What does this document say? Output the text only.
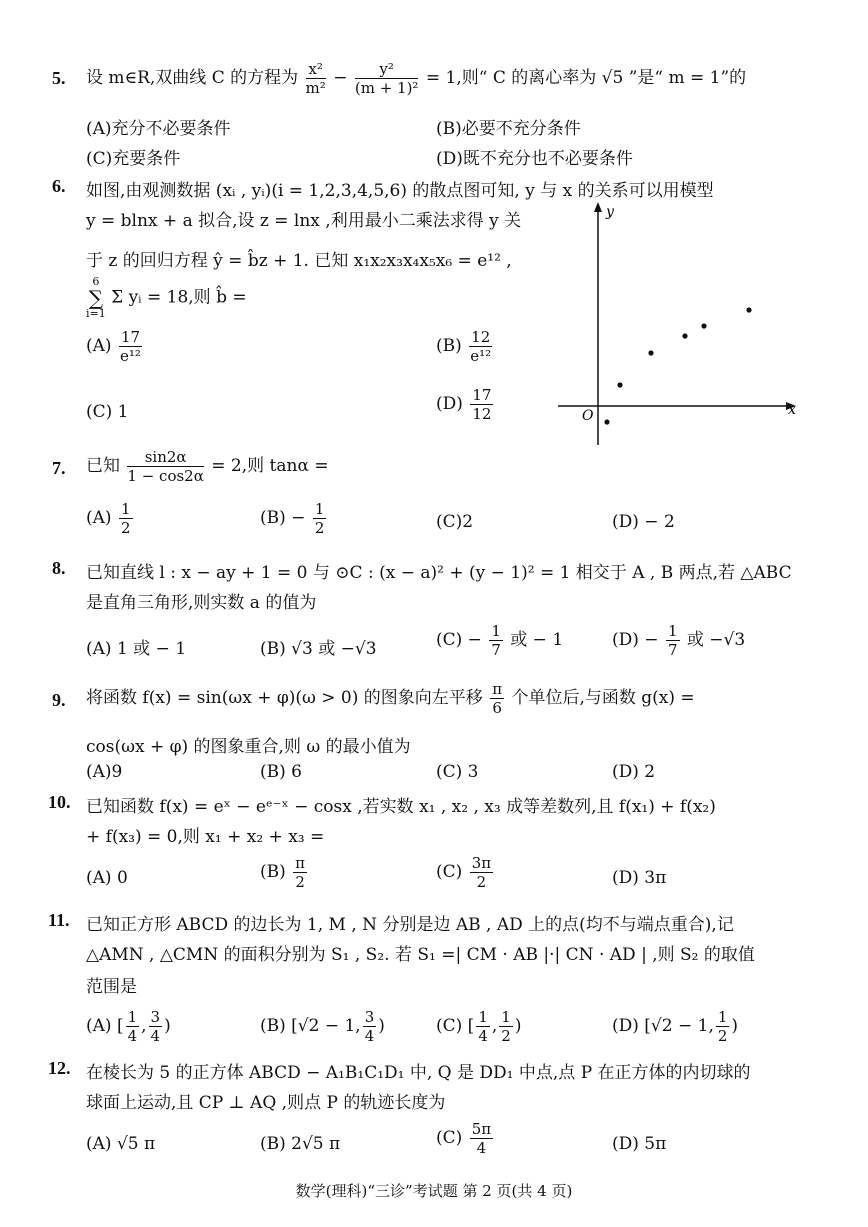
5. 设 m∈R,双曲线 C 的方程为 $\frac{\text{x²}}{\text{m²}} - \frac{\text{y²}}{\text{(m + 1)²}} = 1$,则“ C 的离心率为 √5 ”是“ m = 1”的
(A)充分不必要条件	(B)必要不充分条件
(C)充要条件	(D)既不充分也不必要条件
6. 如图,由观测数据 (xᵢ , yᵢ)(i = 1,2,3,4,5,6) 的散点图可知, y 与 x 的关系可以用模型
y = blnx + a 拟合,设 z = lnx ,利用最小二乘法求得 y 关
于 z 的回归方程 ŷ = b̂z + 1. 已知 x₁x₂x₃x₄x₅x₆ = e¹² ,
6
∑
i=1
Σ yᵢ = 18,则 b̂ =
$(A) \frac{17}{\text{e¹²}}$	$(B) \frac{12}{\text{e¹²}}$
(C) 1	$(D) \frac{17}{12}$
y
x
O
7. 已知 $\frac{\sin 2\alpha}{1 - \cos 2\alpha} = 2$,则 tanα =
$(A) \frac{1}{2}$	$(B) - \frac{1}{2}$	(C)2	(D) − 2
8. 已知直线 l : x − ay + 1 = 0 与 ⊙C : (x − a)² + (y − 1)² = 1 相交于 A , B 两点,若 △ABC
是直角三角形,则实数 a 的值为
(A) 1 或 − 1	(B) √3 或 −√3	$(C) - \frac{1}{7}$ 或 − 1	$(D) - \frac{1}{7}$ 或 −√3
9. 将函数 f(x) = sin(ωx + φ)(ω > 0) 的图象向左平移 $\frac{\pi}{6}$ 个单位后,与函数 g(x) =
cos(ωx + φ) 的图象重合,则 ω 的最小值为
(A)9	(B) 6	(C) 3	(D) 2
10. 已知函数 f(x) = eˣ − eᵉ⁻ˣ − cosx ,若实数 x₁ , x₂ , x₃ 成等差数列,且 f(x₁) + f(x₂)
+ f(x₃) = 0,则 x₁ + x₂ + x₃ =
(A) 0	$(B) \frac{\pi}{2}$	$(C) \frac{3\pi}{2}$	(D) 3π
11. 已知正方形 ABCD 的边长为 1, M , N 分别是边 AB , AD 上的点(均不与端点重合),记
△AMN , △CMN 的面积分别为 S₁ , S₂. 若 S₁ =| CM · AB |·| CN · AD | ,则 S₂ 的取值
范围是
(A) [ $\frac{1}{4}$ , $\frac{3}{4}$ )	(B) [√2 − 1, $\frac{3}{4}$ )	(C) [ $\frac{1}{4}$ , $\frac{1}{2}$ )	(D) [√2 − 1, $\frac{1}{2}$ )
12. 在棱长为 5 的正方体 ABCD − A₁B₁C₁D₁ 中, Q 是 DD₁ 中点,点 P 在正方体的内切球的
球面上运动,且 CP ⊥ AQ ,则点 P 的轨迹长度为
(A) √5 π	(B) 2√5 π	$(C) \frac{5\pi}{4}$	(D) 5π
数学(理科)“三诊”考试题 第 2 页(共 4 页)
